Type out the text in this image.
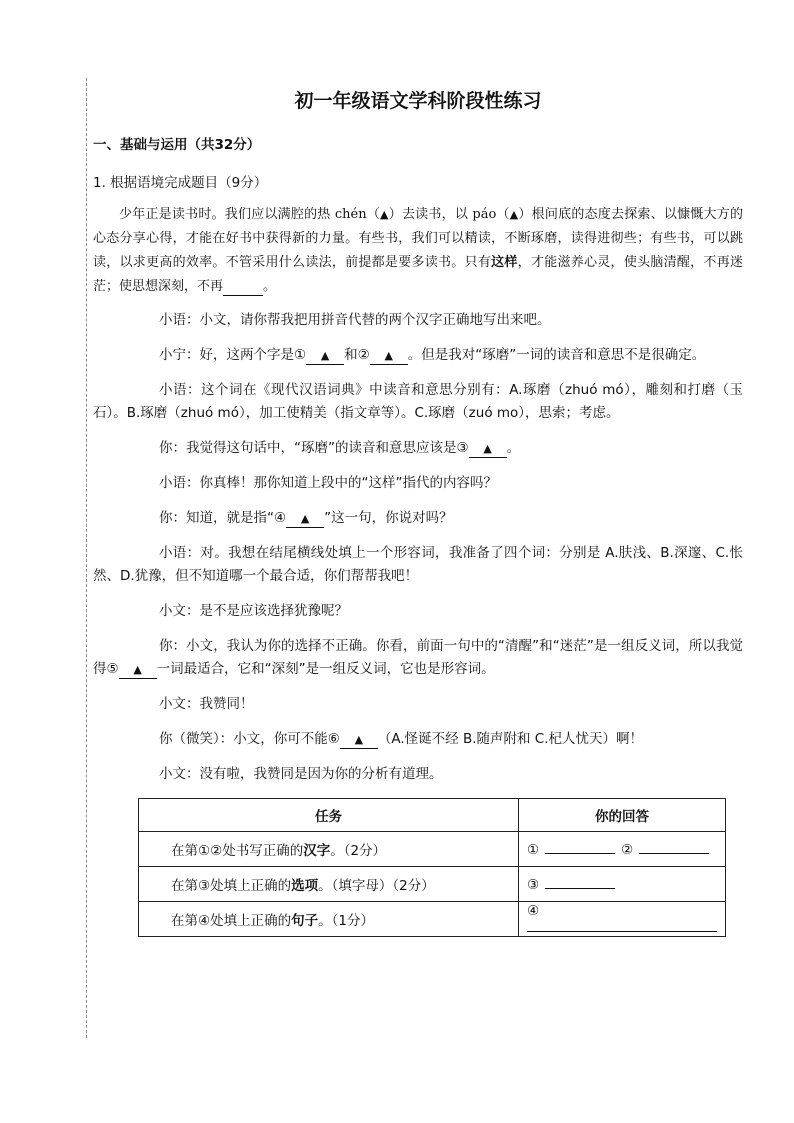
初一年级语文学科阶段性练习
一、基础与运用（共32分）
1. 根据语境完成题目（9分）

少年正是读书时。我们应以满腔的热 chén（▲）去读书，以 páo（▲）根问底的态度去探索、以慷慨大方的心态分享心得，才能在好书中获得新的力量。有些书，我们可以精读，不断琢磨，读得进彻些；有些书，可以跳读，以求更高的效率。不管采用什么读法，前提都是要多读书。只有这样，才能滋养心灵，使头脑清醒，不再迷茫；使思想深刻，不再	。

小语：小文，请你帮我把用拼音代替的两个汉字正确地写出来吧。

小宁：好，这两个字是① ▲ 和② ▲ 。但是我对“琢磨”一词的读音和意思不是很确定。

小语：这个词在《现代汉语词典》中读音和意思分别有：A.琢磨（zhuó mó），雕刻和打磨（玉石）。B.琢磨（zhuó mó），加工使精美（指文章等）。C.琢磨（zuó mo），思索；考虑。

你：我觉得这句话中，“琢磨”的读音和意思应该是③ ▲ 。

小语：你真棒！那你知道上段中的“这样”指代的内容吗？

你：知道，就是指“④ ▲ ”这一句，你说对吗？

小语：对。我想在结尾横线处填上一个形容词，我准备了四个词：分别是 A.肤浅、B.深邃、C.怅然、D.犹豫，但不知道哪一个最合适，你们帮帮我吧！

小文：是不是应该选择犹豫呢？

你：小文，我认为你的选择不正确。你看，前面一句中的“清醒”和“迷茫”是一组反义词，所以我觉得⑤ ▲ 一词最适合，它和“深刻”是一组反义词，它也是形容词。

小文：我赞同！

你（微笑）：小文，你可不能⑥ ▲ （A.怪诞不经 B.随声附和 C.杞人忧天）啊！

小文：没有啦，我赞同是因为你的分析有道理。

任务	你的回答
在第①②处书写正确的汉字。（2分）	① ②
在第③处填上正确的选项。（填字母）（2分）	③
在第④处填上正确的句子。（1分）	④
